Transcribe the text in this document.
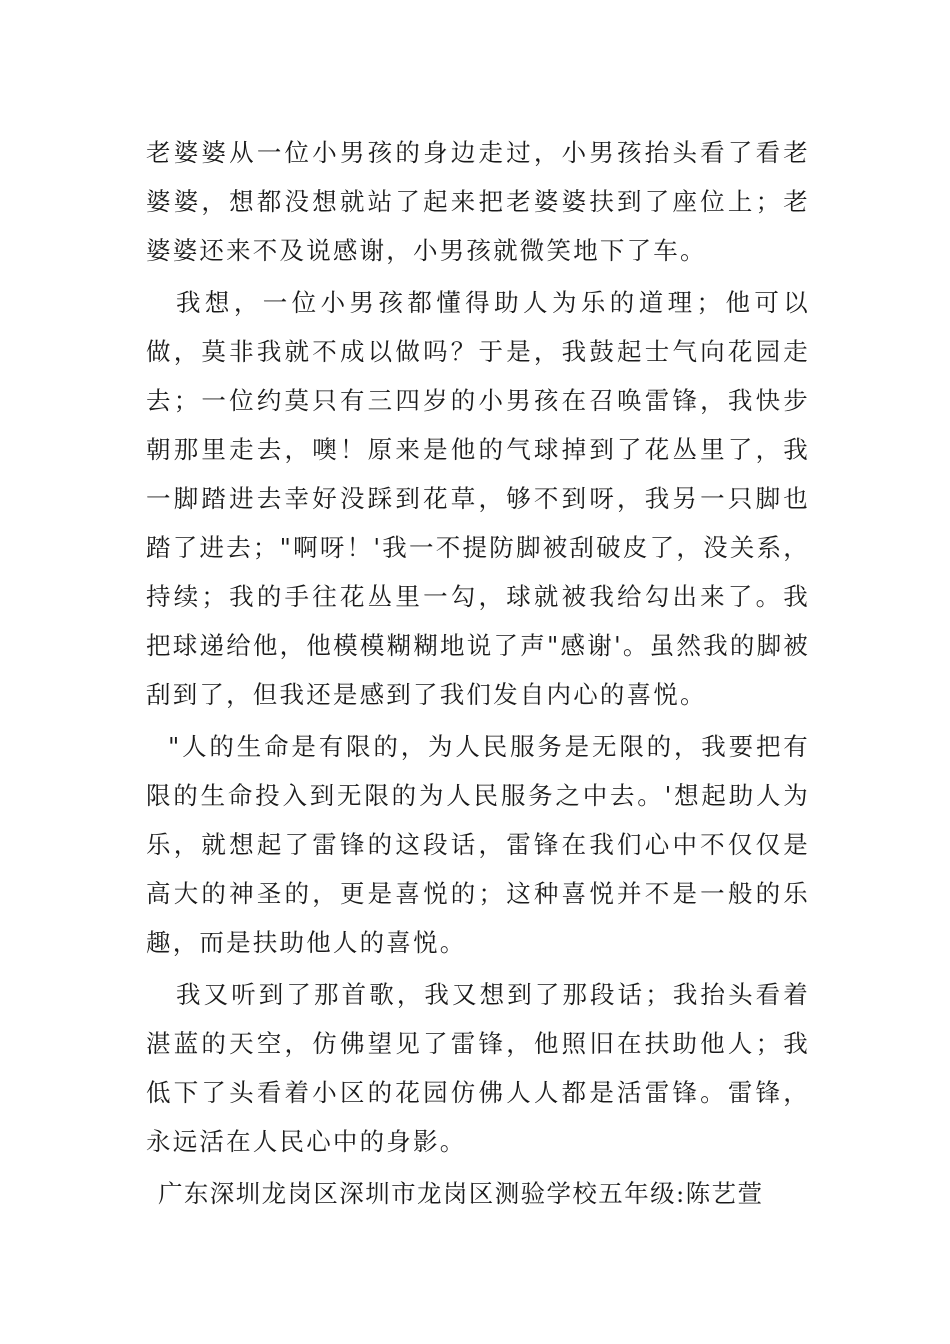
老婆婆从一位小男孩的身边走过，小男孩抬头看了看老婆婆，想都没想就站了起来把老婆婆扶到了座位上；老婆婆还来不及说感谢，小男孩就微笑地下了车。

我想，一位小男孩都懂得助人为乐的道理；他可以做，莫非我就不成以做吗？于是，我鼓起士气向花园走去；一位约莫只有三四岁的小男孩在召唤雷锋，我快步朝那里走去，噢！原来是他的气球掉到了花丛里了，我一脚踏进去幸好没踩到花草，够不到呀，我另一只脚也踏了进去；"啊呀！'我一不提防脚被刮破皮了，没关系，持续；我的手往花丛里一勾，球就被我给勾出来了。我把球递给他，他模模糊糊地说了声"感谢'。虽然我的脚被刮到了，但我还是感到了我们发自内心的喜悦。

"人的生命是有限的，为人民服务是无限的，我要把有限的生命投入到无限的为人民服务之中去。'想起助人为乐，就想起了雷锋的这段话，雷锋在我们心中不仅仅是高大的神圣的，更是喜悦的；这种喜悦并不是一般的乐趣，而是扶助他人的喜悦。

我又听到了那首歌，我又想到了那段话；我抬头看着湛蓝的天空，仿佛望见了雷锋，他照旧在扶助他人；我低下了头看着小区的花园仿佛人人都是活雷锋。雷锋，永远活在人民心中的身影。

广东深圳龙岗区深圳市龙岗区测验学校五年级:陈艺萱
